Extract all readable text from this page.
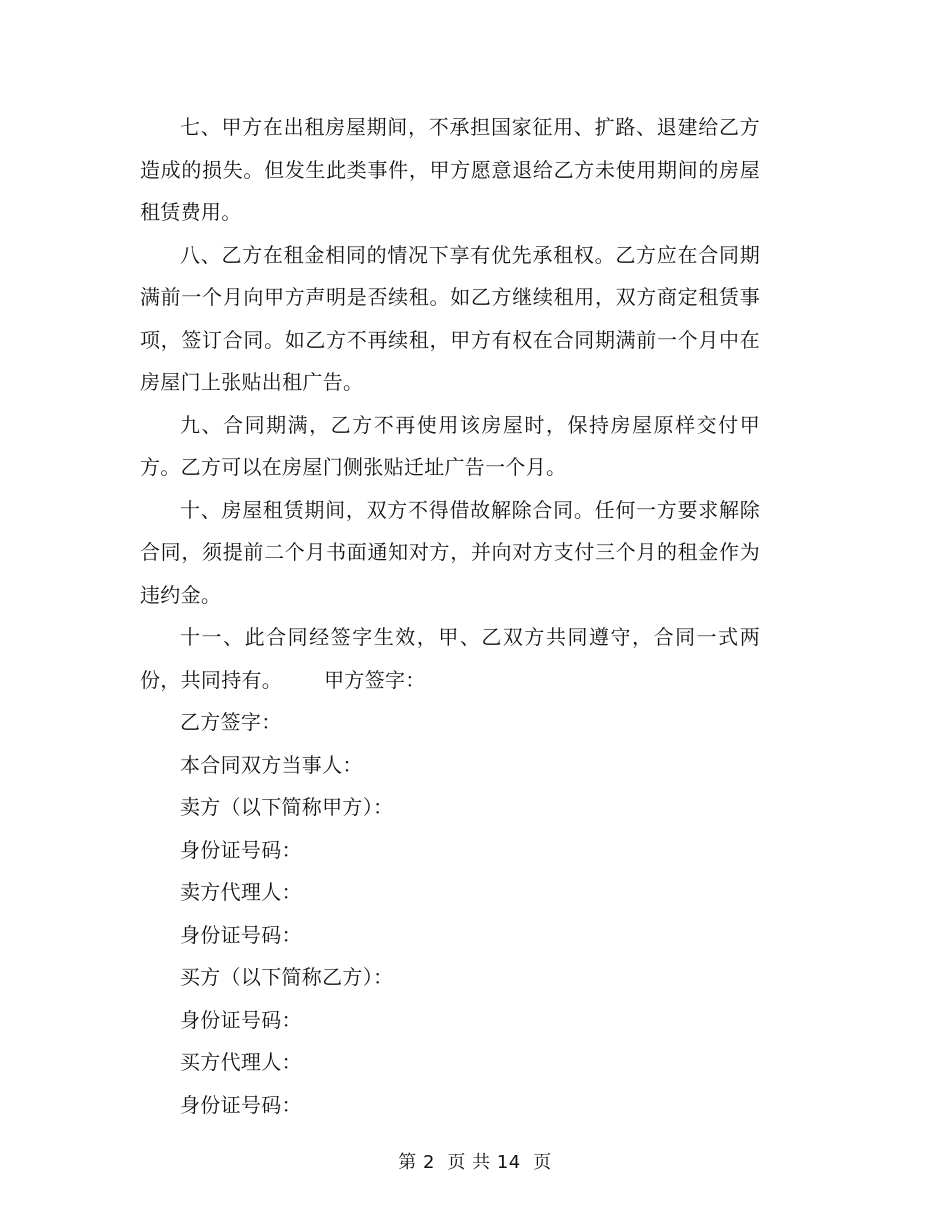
七、甲方在出租房屋期间，不承担国家征用、扩路、退建给乙方造成的损失。但发生此类事件，甲方愿意退给乙方未使用期间的房屋租赁费用。

八、乙方在租金相同的情况下享有优先承租权。乙方应在合同期满前一个月向甲方声明是否续租。如乙方继续租用，双方商定租赁事项，签订合同。如乙方不再续租，甲方有权在合同期满前一个月中在房屋门上张贴出租广告。

九、合同期满，乙方不再使用该房屋时，保持房屋原样交付甲方。乙方可以在房屋门侧张贴迁址广告一个月。

十、房屋租赁期间，双方不得借故解除合同。任何一方要求解除合同，须提前二个月书面通知对方，并向对方支付三个月的租金作为违约金。

十一、此合同经签字生效，甲、乙双方共同遵守，合同一式两份，共同持有。 甲方签字：

乙方签字：

本合同双方当事人：

卖方（以下简称甲方）：

身份证号码：

卖方代理人：

身份证号码：

买方（以下简称乙方）：

身份证号码：

买方代理人：

身份证号码：

第 2  页 共 14  页
